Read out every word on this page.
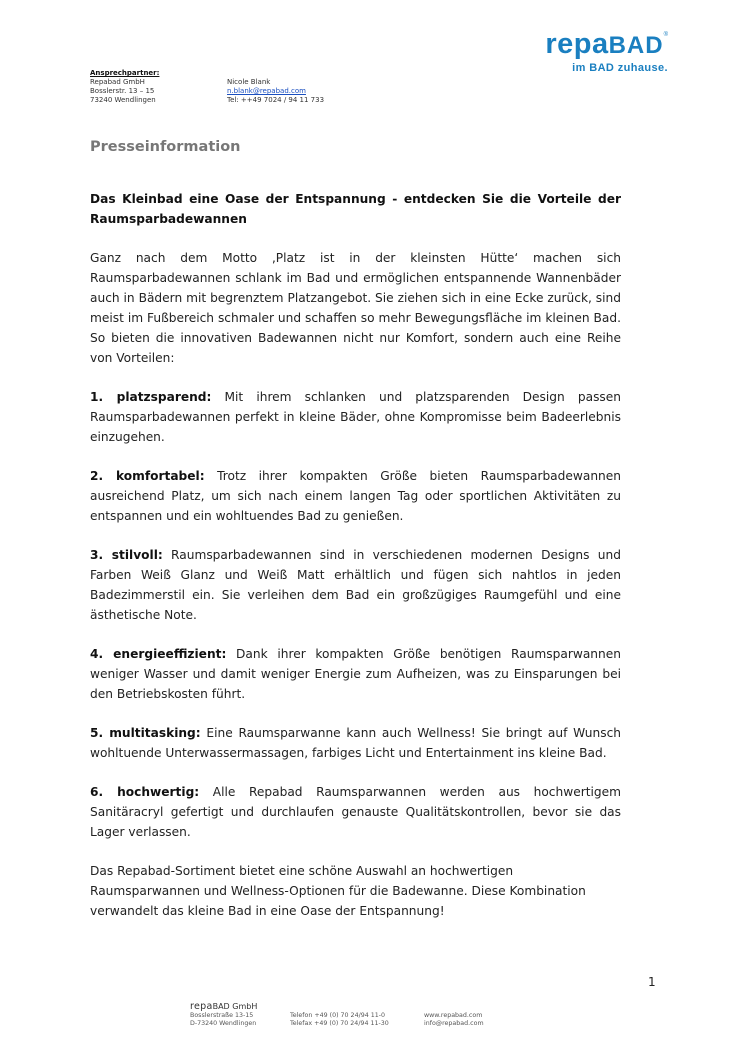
repaBAD®
im BAD zuhause.
Ansprechpartner:
Repabad GmbH
Bosslerstr. 13 – 15
73240 Wendlingen
Nicole Blank
n.blank@repabad.com
Tel: ++49 7024 / 94 11 733
Presseinformation

Das Kleinbad eine Oase der Entspannung - entdecken Sie die Vorteile der Raumsparbadewannen

Ganz nach dem Motto ‚Platz ist in der kleinsten Hütte‘ machen sich Raumsparbadewannen schlank im Bad und ermöglichen entspannende Wannenbäder auch in Bädern mit begrenztem Platzangebot. Sie ziehen sich in eine Ecke zurück, sind meist im Fußbereich schmaler und schaffen so mehr Bewegungsfläche im kleinen Bad. So bieten die innovativen Badewannen nicht nur Komfort, sondern auch eine Reihe von Vorteilen:

1. platzsparend: Mit ihrem schlanken und platzsparenden Design passen Raumsparbadewannen perfekt in kleine Bäder, ohne Kompromisse beim Badeerlebnis einzugehen.

2. komfortabel: Trotz ihrer kompakten Größe bieten Raumsparbadewannen ausreichend Platz, um sich nach einem langen Tag oder sportlichen Aktivitäten zu entspannen und ein wohltuendes Bad zu genießen.

3. stilvoll: Raumsparbadewannen sind in verschiedenen modernen Designs und Farben Weiß Glanz und Weiß Matt erhältlich und fügen sich nahtlos in jeden Badezimmerstil ein. Sie verleihen dem Bad ein großzügiges Raumgefühl und eine ästhetische Note.

4. energieeffizient: Dank ihrer kompakten Größe benötigen Raumsparwannen weniger Wasser und damit weniger Energie zum Aufheizen, was zu Einsparungen bei den Betriebskosten führt.

5. multitasking: Eine Raumsparwanne kann auch Wellness! Sie bringt auf Wunsch wohltuende Unterwassermassagen, farbiges Licht und Entertainment ins kleine Bad.

6. hochwertig: Alle Repabad Raumsparwannen werden aus hochwertigem Sanitäracryl gefertigt und durchlaufen genauste Qualitätskontrollen, bevor sie das Lager verlassen.

Das Repabad-Sortiment bietet eine schöne Auswahl an hochwertigen Raumsparwannen und Wellness-Optionen für die Badewanne. Diese Kombination verwandelt das kleine Bad in eine Oase der Entspannung!

1
repaBAD GmbH
Bosslerstraße 13-15
D-73240 Wendlingen
Telefon +49 (0) 70 24/94 11-0
Telefax +49 (0) 70 24/94 11-30
www.repabad.com
info@repabad.com
